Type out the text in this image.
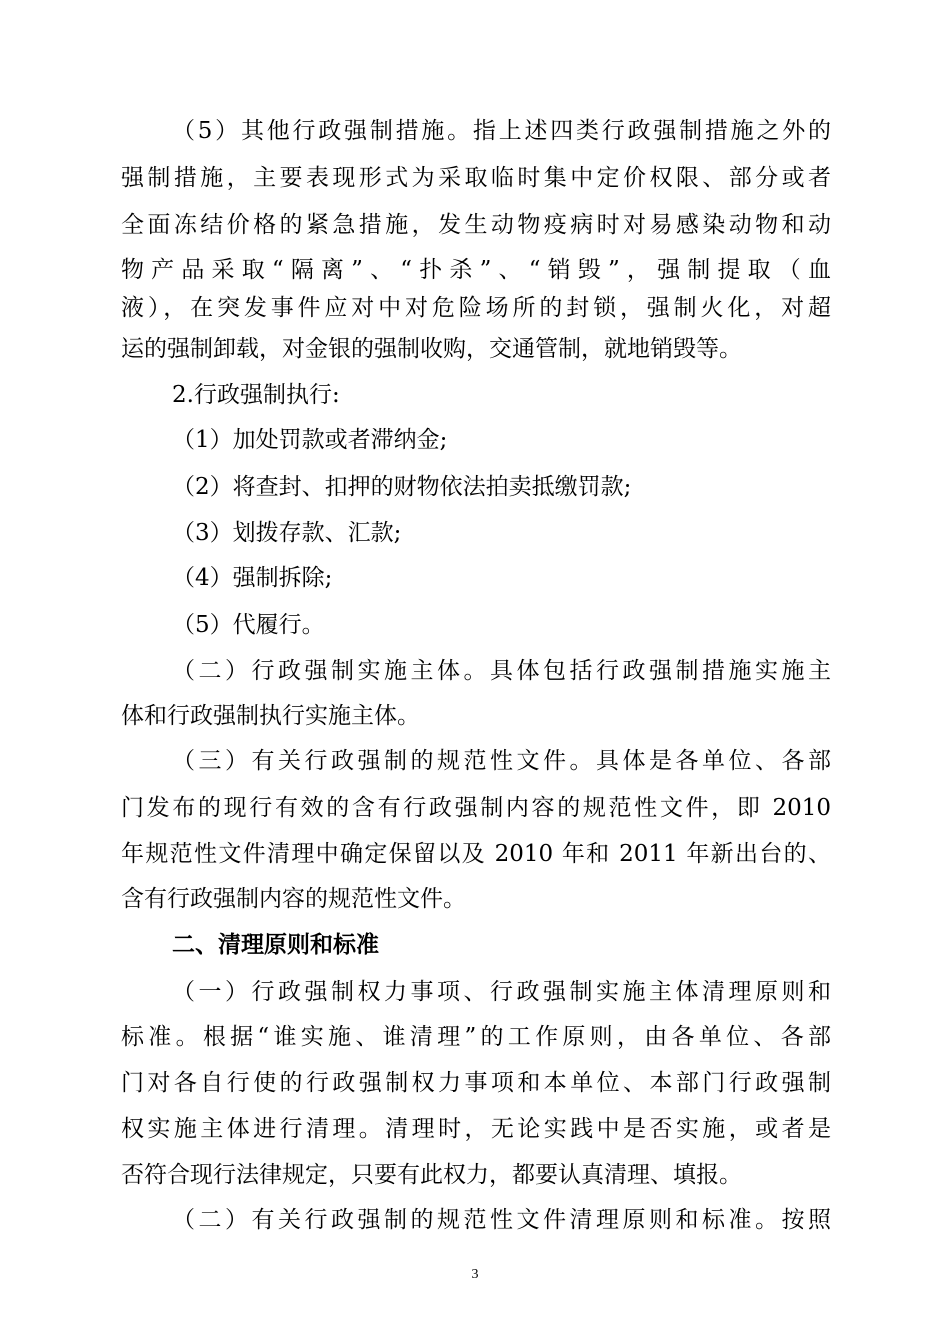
（5）其他行政强制措施。指上述四类行政强制措施之外的
强制措施，主要表现形式为采取临时集中定价权限、部分或者
全面冻结价格的紧急措施，发生动物疫病时对易感染动物和动
物产品采取“隔离”、“扑杀”、“销毁”，强制提取（血
液），在突发事件应对中对危险场所的封锁，强制火化，对超
运的强制卸载，对金银的强制收购，交通管制，就地销毁等。
2.行政强制执行:
（1）加处罚款或者滞纳金;
（2）将查封、扣押的财物依法拍卖抵缴罚款;
（3）划拨存款、汇款;
（4）强制拆除;
（5）代履行。
（二）行政强制实施主体。具体包括行政强制措施实施主
体和行政强制执行实施主体。
（三）有关行政强制的规范性文件。具体是各单位、各部
门发布的现行有效的含有行政强制内容的规范性文件，即 2010
年规范性文件清理中确定保留以及 2010 年和 2011 年新出台的、
含有行政强制内容的规范性文件。
二、清理原则和标准
（一）行政强制权力事项、行政强制实施主体清理原则和
标准。根据“谁实施、谁清理”的工作原则，由各单位、各部
门对各自行使的行政强制权力事项和本单位、本部门行政强制
权实施主体进行清理。清理时，无论实践中是否实施，或者是
否符合现行法律规定，只要有此权力，都要认真清理、填报。
（二）有关行政强制的规范性文件清理原则和标准。按照
3
